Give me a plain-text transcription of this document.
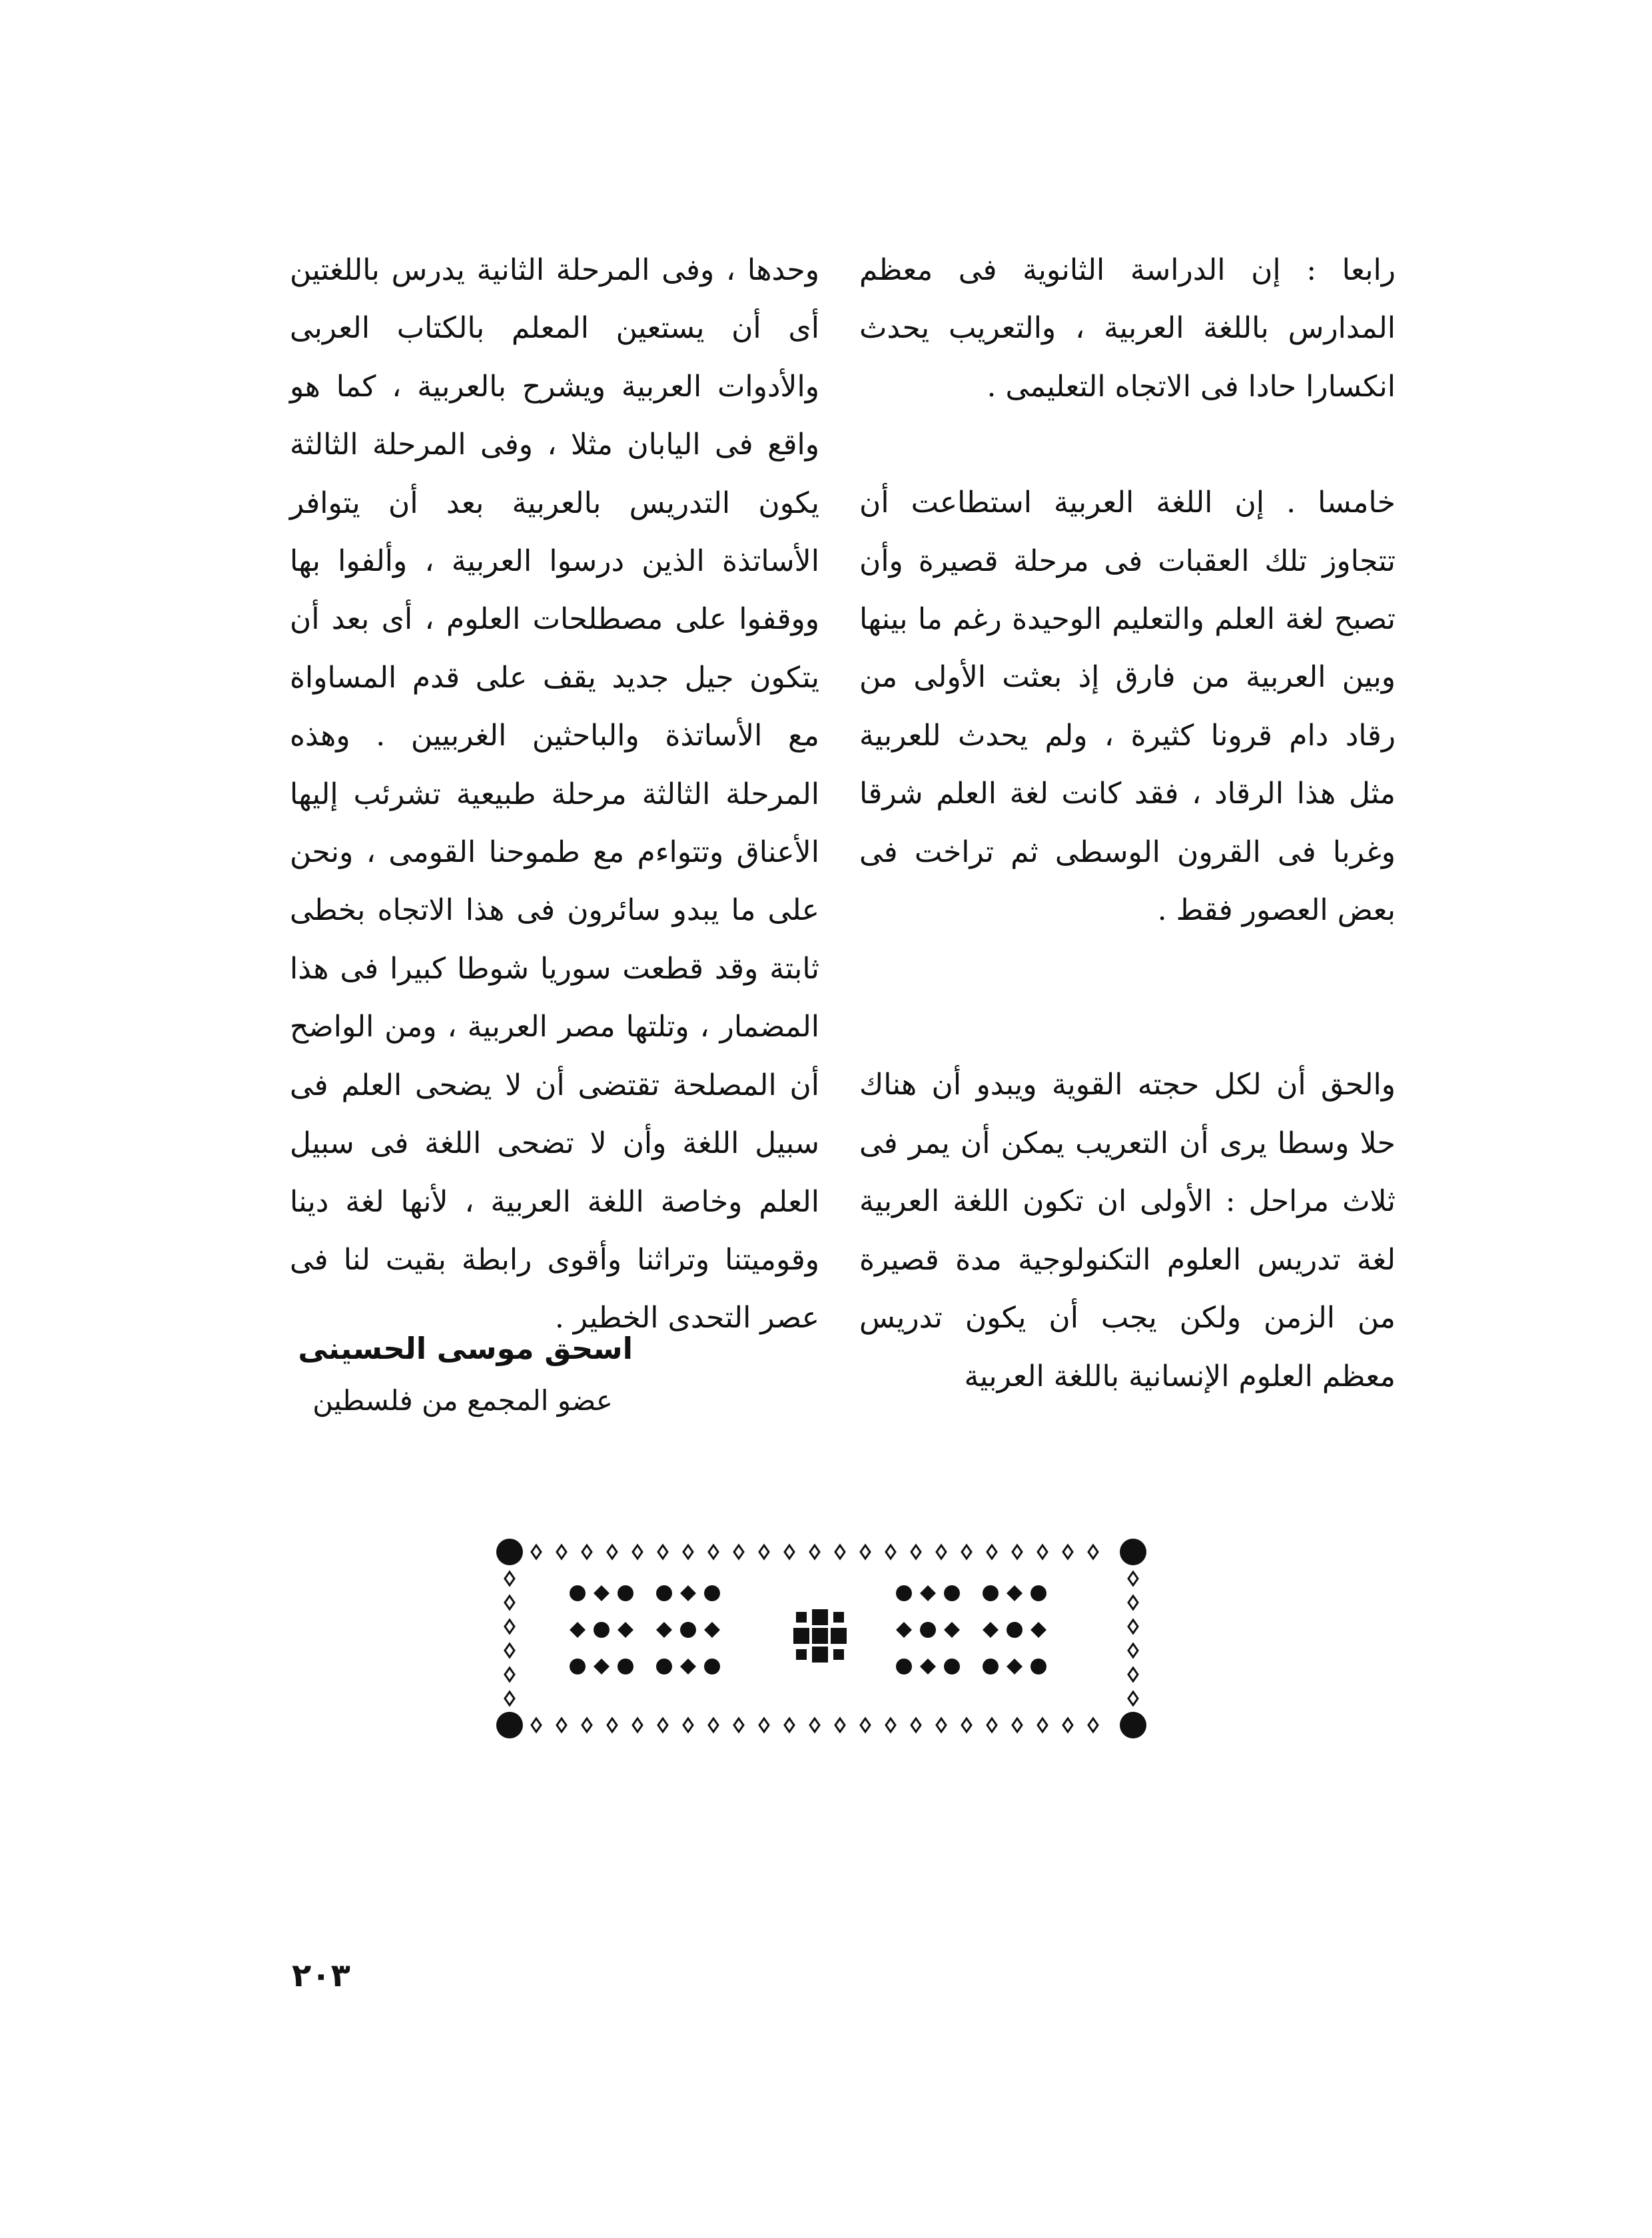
رابعا : إن الدراسة الثانوية فى معظم المدارس باللغة العربية ، والتعريب يحدث انكسارا حادا فى الاتجاه التعليمى .

خامسا . إن اللغة العربية استطاعت أن تتجاوز تلك العقبات فى مرحلة قصيرة وأن تصبح لغة العلم والتعليم الوحيدة رغم ما بينها وبين العربية من فارق إذ بعثت الأولى من رقاد دام قرونا كثيرة ، ولم يحدث للعربية مثل هذا الرقاد ، فقد كانت لغة العلم شرقا وغربا فى القرون الوسطى ثم تراخت فى بعض العصور فقط .

والحق أن لكل حجته القوية ويبدو أن هناك حلا وسطا يرى أن التعريب يمكن أن يمر فى ثلاث مراحل : الأولى ان تكون اللغة العربية لغة تدريس العلوم التكنولوجية مدة قصيرة من الزمن ولكن يجب أن يكون تدريس معظم العلوم الإنسانية باللغة العربية

وحدها ، وفى المرحلة الثانية يدرس باللغتين أى أن يستعين المعلم بالكتاب العربى والأدوات العربية ويشرح بالعربية ، كما هو واقع فى اليابان مثلا ، وفى المرحلة الثالثة يكون التدريس بالعربية بعد أن يتوافر الأساتذة الذين درسوا العربية ، وألفوا بها ووقفوا على مصطلحات العلوم ، أى بعد أن يتكون جيل جديد يقف على قدم المساواة مع الأساتذة والباحثين الغربيين . وهذه المرحلة الثالثة مرحلة طبيعية تشرئب إليها الأعناق وتتواءم مع طموحنا القومى ، ونحن على ما يبدو سائرون فى هذا الاتجاه بخطى ثابتة وقد قطعت سوريا شوطا كبيرا فى هذا المضمار ، وتلتها مصر العربية ، ومن الواضح أن المصلحة تقتضى أن لا يضحى العلم فى سبيل اللغة وأن لا تضحى اللغة فى سبيل العلم وخاصة اللغة العربية ، لأنها لغة دينا وقوميتنا وتراثنا وأقوى رابطة بقيت لنا فى عصر التحدى الخطير .

اسحق موسى الحسينى
عضو المجمع من فلسطين
٢٠٣
